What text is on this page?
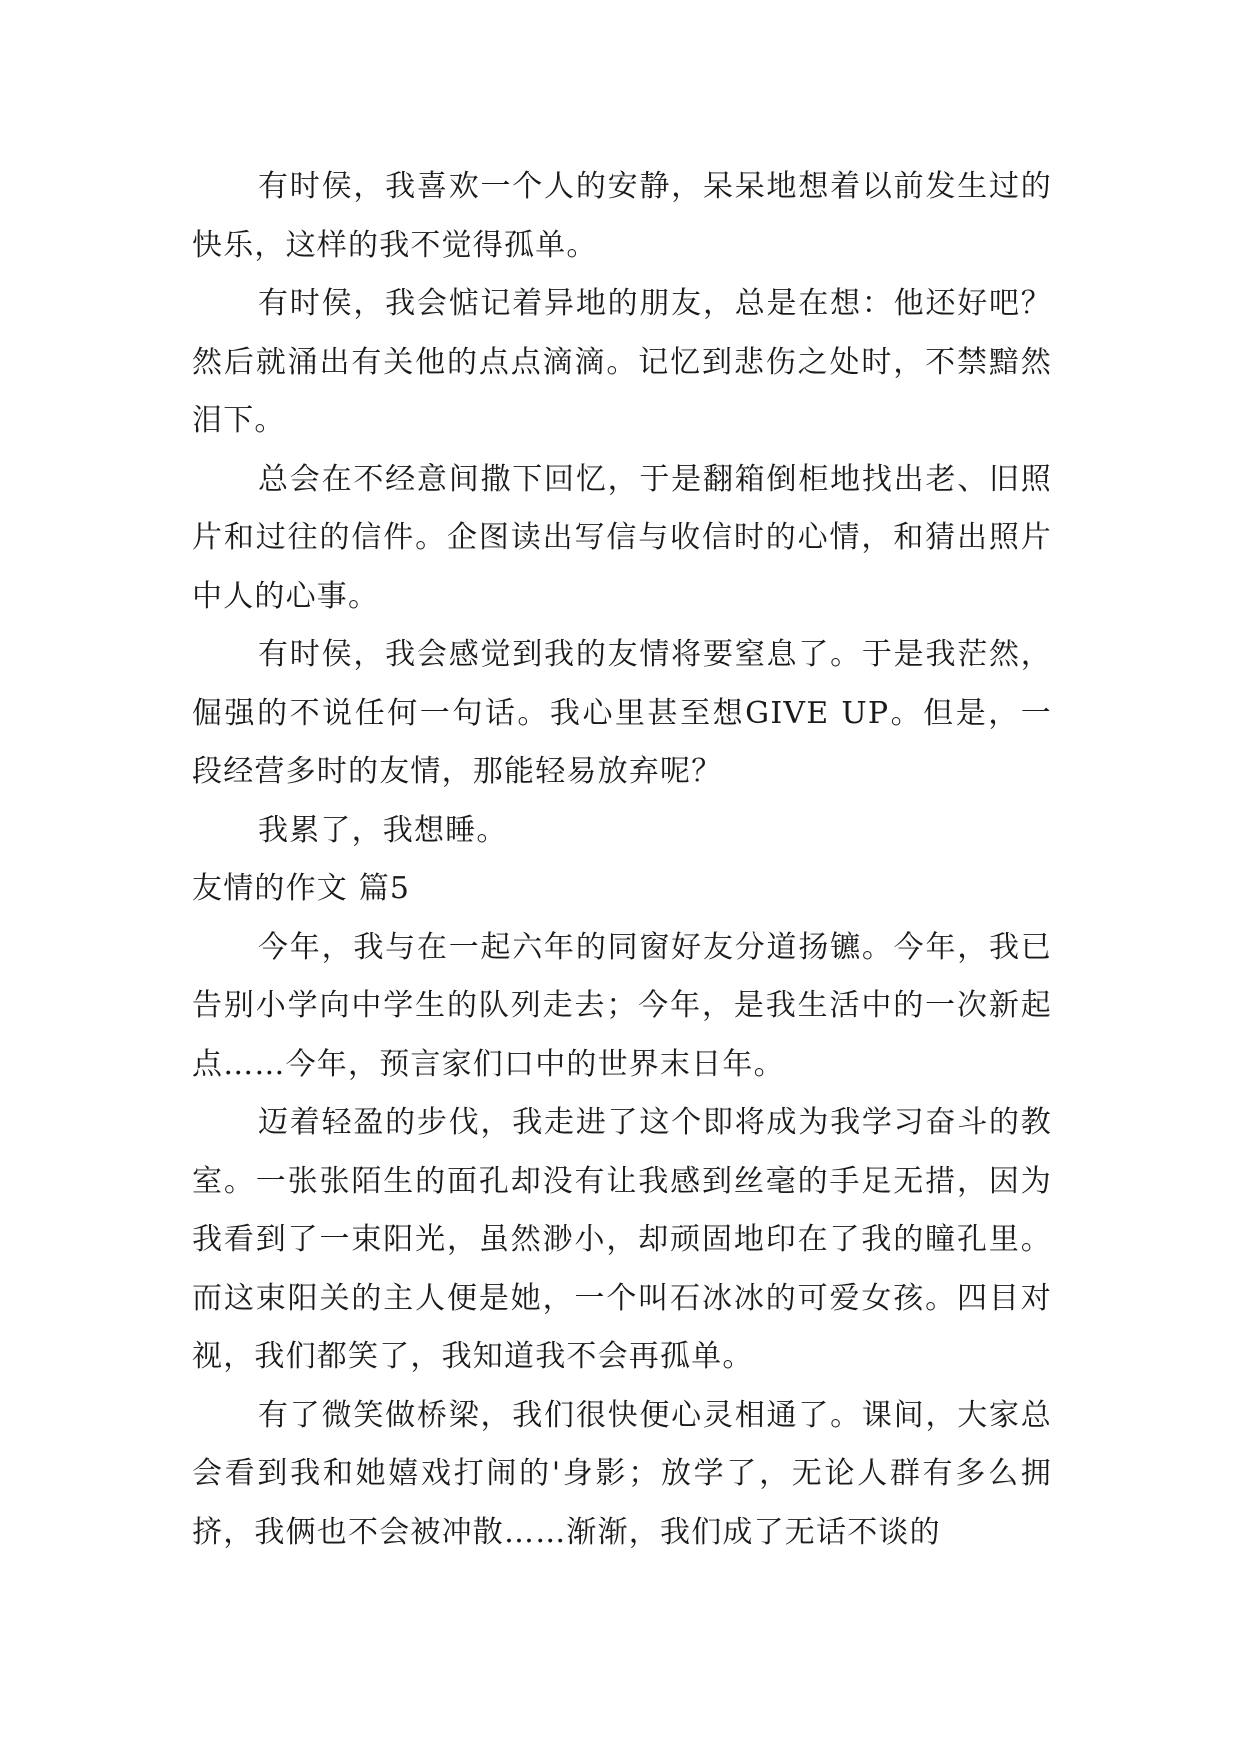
有时侯，我喜欢一个人的安静，呆呆地想着以前发生过的快乐，这样的我不觉得孤单。

有时侯，我会惦记着异地的朋友，总是在想：他还好吧？然后就涌出有关他的点点滴滴。记忆到悲伤之处时，不禁黯然泪下。

总会在不经意间撒下回忆，于是翻箱倒柜地找出老、旧照片和过往的信件。企图读出写信与收信时的心情，和猜出照片中人的心事。

有时侯，我会感觉到我的友情将要窒息了。于是我茫然，倔强的不说任何一句话。我心里甚至想GIVE UP。但是，一段经营多时的友情，那能轻易放弃呢？

我累了，我想睡。

友情的作文 篇5

今年，我与在一起六年的同窗好友分道扬镳。今年，我已告别小学向中学生的队列走去；今年，是我生活中的一次新起点……今年，预言家们口中的世界末日年。

迈着轻盈的步伐，我走进了这个即将成为我学习奋斗的教室。一张张陌生的面孔却没有让我感到丝毫的手足无措，因为我看到了一束阳光，虽然渺小，却顽固地印在了我的瞳孔里。而这束阳关的主人便是她，一个叫石冰冰的可爱女孩。四目对视，我们都笑了，我知道我不会再孤单。

有了微笑做桥梁，我们很快便心灵相通了。课间，大家总会看到我和她嬉戏打闹的'身影；放学了，无论人群有多么拥挤，我俩也不会被冲散……渐渐，我们成了无话不谈的
